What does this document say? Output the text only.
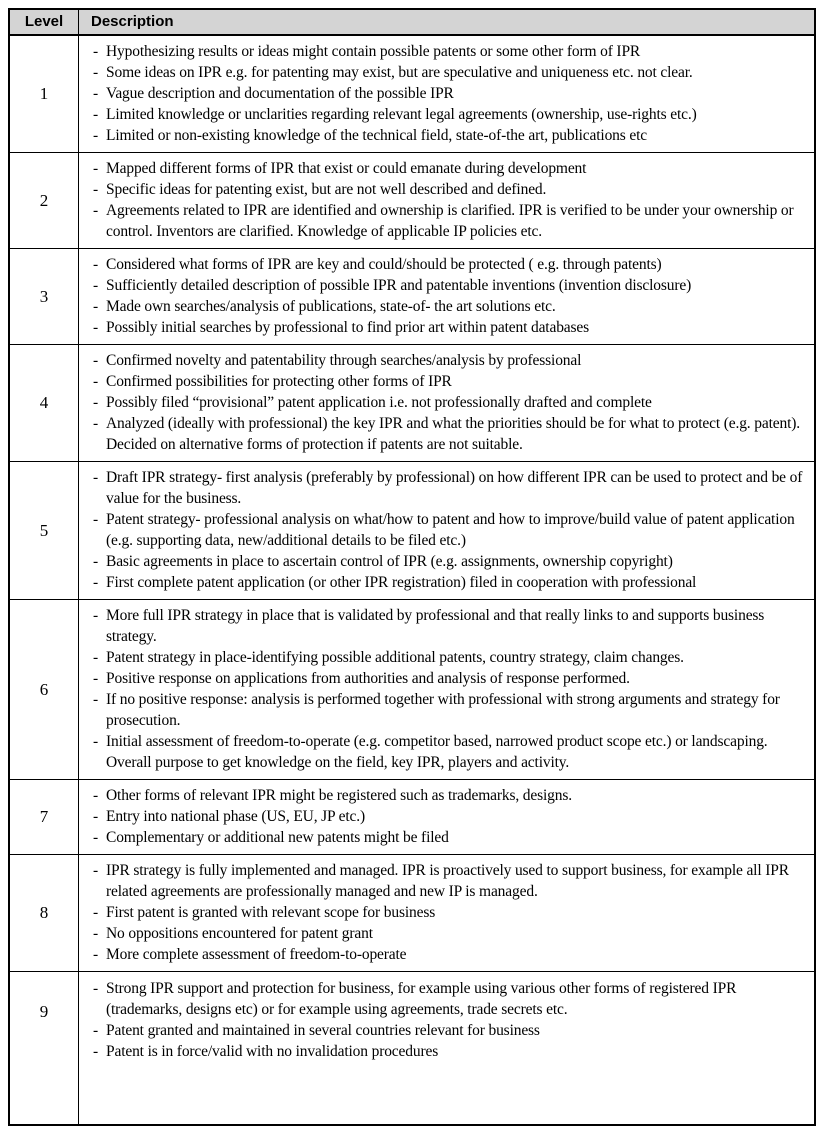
Level	Description
1
- Hypothesizing results or ideas might contain possible patents or some other form of IPR
- Some ideas on IPR e.g. for patenting may exist, but are speculative and uniqueness etc. not clear.
- Vague description and documentation of the possible IPR
- Limited knowledge or unclarities regarding relevant legal agreements (ownership, use-rights etc.)
- Limited or non-existing knowledge of the technical field, state-of-the art, publications etc
2
- Mapped different forms of IPR that exist or could emanate during development
- Specific ideas for patenting exist, but are not well described and defined.
- Agreements related to IPR are identified and ownership is clarified. IPR is verified to be under your ownership or control. Inventors are clarified. Knowledge of applicable IP policies etc.
3
- Considered what forms of IPR are key and could/should be protected ( e.g. through patents)
- Sufficiently detailed description of possible IPR and patentable inventions (invention disclosure)
- Made own searches/analysis of publications, state-of- the art solutions etc.
- Possibly initial searches by professional to find prior art within patent databases
4
- Confirmed novelty and patentability through searches/analysis by professional
- Confirmed possibilities for protecting other forms of IPR
- Possibly filed “provisional” patent application i.e. not professionally drafted and complete
- Analyzed (ideally with professional) the key IPR and what the priorities should be for what to protect (e.g. patent). Decided on alternative forms of protection if patents are not suitable.
5
- Draft IPR strategy- first analysis (preferably by professional) on how different IPR can be used to protect and be of value for the business.
- Patent strategy- professional analysis on what/how to patent and how to improve/build value of patent application (e.g. supporting data, new/additional details to be filed etc.)
- Basic agreements in place to ascertain control of IPR (e.g. assignments, ownership copyright)
- First complete patent application (or other IPR registration) filed in cooperation with professional
6
- More full IPR strategy in place that is validated by professional and that really links to and supports business strategy.
- Patent strategy in place-identifying possible additional patents, country strategy, claim changes.
- Positive response on applications from authorities and analysis of response performed.
- If no positive response: analysis is performed together with professional with strong arguments and strategy for prosecution.
- Initial assessment of freedom-to-operate (e.g. competitor based, narrowed product scope etc.) or landscaping. Overall purpose to get knowledge on the field, key IPR, players and activity.
7
- Other forms of relevant IPR might be registered such as trademarks, designs.
- Entry into national phase (US, EU, JP etc.)
- Complementary or additional new patents might be filed
8
- IPR strategy is fully implemented and managed. IPR is proactively used to support business, for example all IPR related agreements are professionally managed and new IP is managed.
- First patent is granted with relevant scope for business
- No oppositions encountered for patent grant
- More complete assessment of freedom-to-operate
9
- Strong IPR support and protection for business, for example using various other forms of registered IPR (trademarks, designs etc) or for example using agreements, trade secrets etc.
- Patent granted and maintained in several countries relevant for business
- Patent is in force/valid with no invalidation procedures
